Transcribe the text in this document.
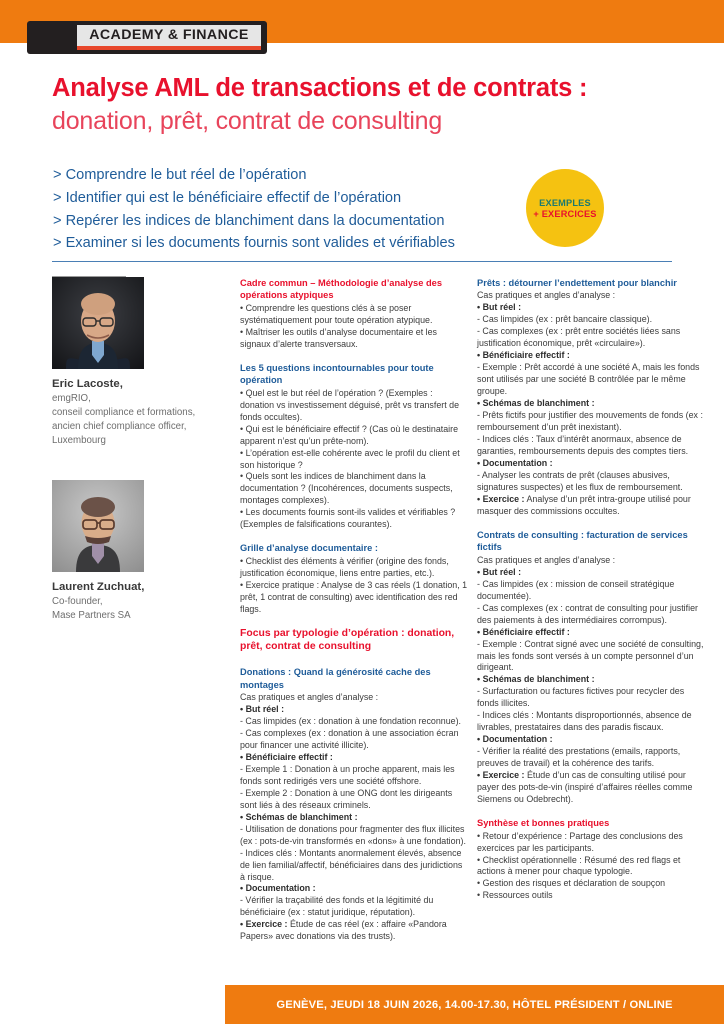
ACADEMY & FINANCE
Analyse AML de transactions et de contrats :
donation, prêt, contrat de consulting
> Comprendre le but réel de l’opération
> Identifier qui est le bénéficiaire effectif de l’opération
> Repérer les indices de blanchiment dans la documentation
> Examiner si les documents fournis sont valides et vérifiables
EXEMPLES
+ EXERCICES
Eric Lacoste,
emgRIO,
conseil compliance et formations,
ancien chief compliance officer,
Luxembourg
Laurent Zuchuat,
Co-founder,
Mase Partners SA
Cadre commun – Méthodologie d’analyse des opérations atypiques
• Comprendre les questions clés à se poser systématiquement pour toute opération atypique.
• Maîtriser les outils d’analyse documentaire et les signaux d’alerte transversaux.
Les 5 questions incontournables pour toute opération
• Quel est le but réel de l’opération ? (Exemples : donation vs investissement déguisé, prêt vs transfert de fonds occultes).
• Qui est le bénéficiaire effectif ? (Cas où le destinataire apparent n’est qu’un prête-nom).
• L’opération est-elle cohérente avec le profil du client et son historique ?
• Quels sont les indices de blanchiment dans la documentation ? (Incohérences, documents suspects, montages complexes).
• Les documents fournis sont-ils valides et vérifiables ? (Exemples de falsifications courantes).
Grille d’analyse documentaire :
• Checklist des éléments à vérifier (origine des fonds, justification économique, liens entre parties, etc.).
• Exercice pratique : Analyse de 3 cas réels (1 donation, 1 prêt, 1 contrat de consulting) avec identification des red flags.
Focus par typologie d’opération : donation, prêt, contrat de consulting
Donations : Quand la générosité cache des montages
Cas pratiques et angles d’analyse :
• But réel :
- Cas limpides (ex : donation à une fondation reconnue).
- Cas complexes (ex : donation à une association écran pour financer une activité illicite).
• Bénéficiaire effectif :
- Exemple 1 : Donation à un proche apparent, mais les fonds sont redirigés vers une société offshore.
- Exemple 2 : Donation à une ONG dont les dirigeants sont liés à des réseaux criminels.
• Schémas de blanchiment :
- Utilisation de donations pour fragmenter des flux illicites (ex : pots-de-vin transformés en «dons» à une fondation).
- Indices clés : Montants anormalement élevés, absence de lien familial/affectif, bénéficiaires dans des juridictions à risque.
• Documentation :
- Vérifier la traçabilité des fonds et la légitimité du bénéficiaire (ex : statut juridique, réputation).
• Exercice : Étude de cas réel (ex : affaire «Pandora Papers» avec donations via des trusts).
Prêts : détourner l’endettement pour blanchir
Cas pratiques et angles d’analyse :
• But réel :
- Cas limpides (ex : prêt bancaire classique).
- Cas complexes (ex : prêt entre sociétés liées sans justification économique, prêt «circulaire»).
• Bénéficiaire effectif :
- Exemple : Prêt accordé à une société A, mais les fonds sont utilisés par une société B contrôlée par le même groupe.
• Schémas de blanchiment :
- Prêts fictifs pour justifier des mouvements de fonds (ex : remboursement d’un prêt inexistant).
- Indices clés : Taux d’intérêt anormaux, absence de garanties, remboursements depuis des comptes tiers.
• Documentation :
- Analyser les contrats de prêt (clauses abusives, signatures suspectes) et les flux de remboursement.
• Exercice : Analyse d’un prêt intra-groupe utilisé pour masquer des commissions occultes.
Contrats de consulting : facturation de services fictifs
Cas pratiques et angles d’analyse :
• But réel :
- Cas limpides (ex : mission de conseil stratégique documentée).
- Cas complexes (ex : contrat de consulting pour justifier des paiements à des intermédiaires corrompus).
• Bénéficiaire effectif :
- Exemple : Contrat signé avec une société de consulting, mais les fonds sont versés à un compte personnel d’un dirigeant.
• Schémas de blanchiment :
- Surfacturation ou factures fictives pour recycler des fonds illicites.
- Indices clés : Montants disproportionnés, absence de livrables, prestataires dans des paradis fiscaux.
• Documentation :
- Vérifier la réalité des prestations (emails, rapports, preuves de travail) et la cohérence des tarifs.
• Exercice : Étude d’un cas de consulting utilisé pour payer des pots-de-vin (inspiré d’affaires réelles comme Siemens ou Odebrecht).
Synthèse et bonnes pratiques
• Retour d’expérience : Partage des conclusions des exercices par les participants.
• Checklist opérationnelle : Résumé des red flags et actions à mener pour chaque typologie.
• Gestion des risques et déclaration de soupçon
• Ressources outils
GENÈVE, JEUDI 18 JUIN 2026, 14.00-17.30, HÔTEL PRÉSIDENT / ONLINE
